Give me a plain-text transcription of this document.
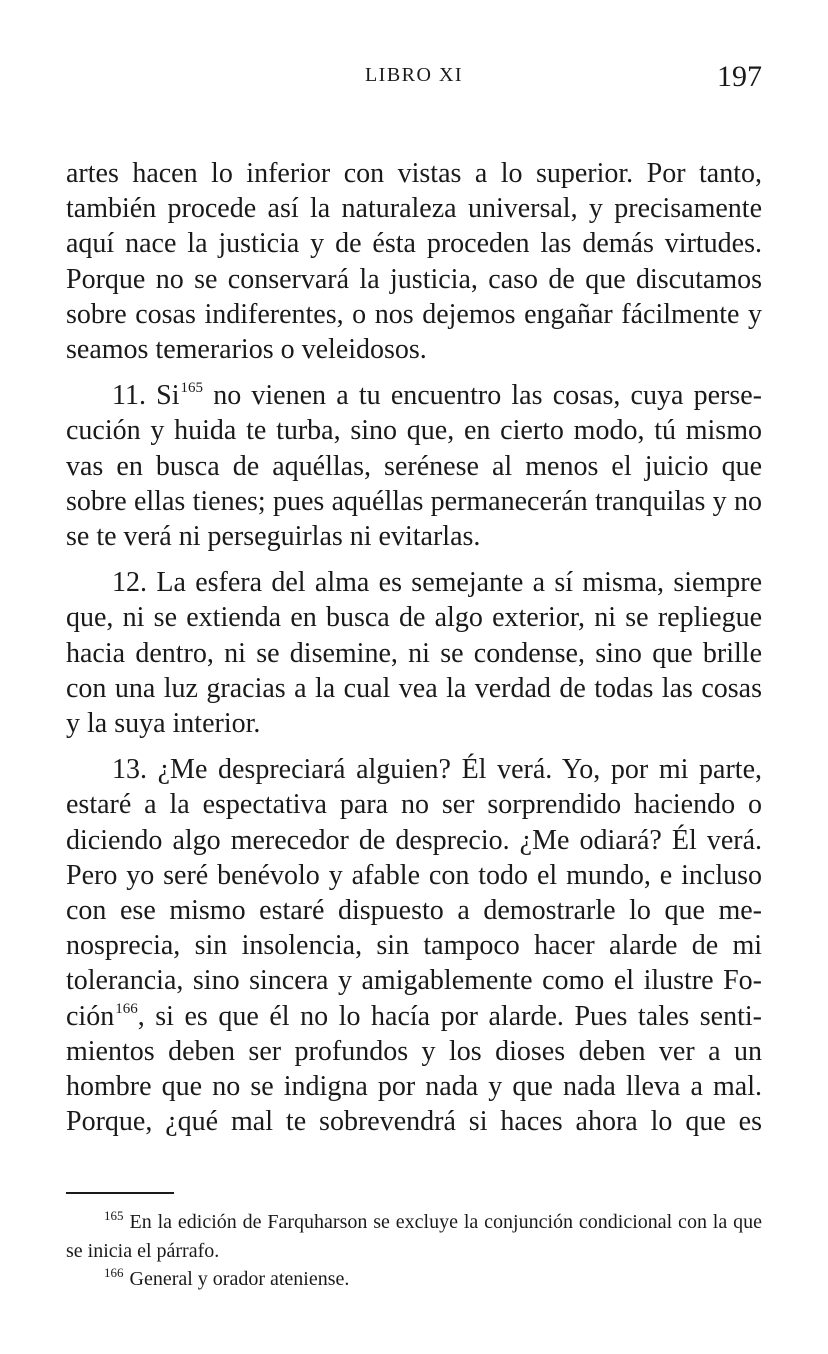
LIBRO XI	197

artes hacen lo inferior con vistas a lo superior. Por tanto, también procede así la naturaleza universal, y precisamente aquí nace la justicia y de ésta proceden las demás virtudes. Porque no se conservará la justicia, caso de que discutamos sobre cosas indiferentes, o nos dejemos engañar fácilmente y seamos temerarios o veleidosos.

11. Si$^{165}$ no vienen a tu encuentro las cosas, cuya persecución y huida te turba, sino que, en cierto modo, tú mismo vas en busca de aquéllas, serénese al menos el juicio que sobre ellas tienes; pues aquéllas permanecerán tranquilas y no se te verá ni perseguirlas ni evitarlas.

12. La esfera del alma es semejante a sí misma, siempre que, ni se extienda en busca de algo exterior, ni se repliegue hacia dentro, ni se disemine, ni se condense, sino que brille con una luz gracias a la cual vea la verdad de todas las cosas y la suya interior.

13. ¿Me despreciará alguien? Él verá. Yo, por mi parte, estaré a la espectativa para no ser sorprendido haciendo o diciendo algo merecedor de desprecio. ¿Me odiará? Él verá. Pero yo seré benévolo y afable con todo el mundo, e incluso con ese mismo estaré dispuesto a demostrarle lo que menosprecia, sin insolencia, sin tampoco hacer alarde de mi tolerancia, sino sincera y amigablemente como el ilustre Foción$^{166}$, si es que él no lo hacía por alarde. Pues tales sentimientos deben ser profundos y los dioses deben ver a un hombre que no se indigna por nada y que nada lleva a mal. Porque, ¿qué mal te sobrevendrá si haces ahora lo que es

$^{165}$ En la edición de Farquharson se excluye la conjunción condicional con la que se inicia el párrafo.

$^{166}$ General y orador ateniense.
